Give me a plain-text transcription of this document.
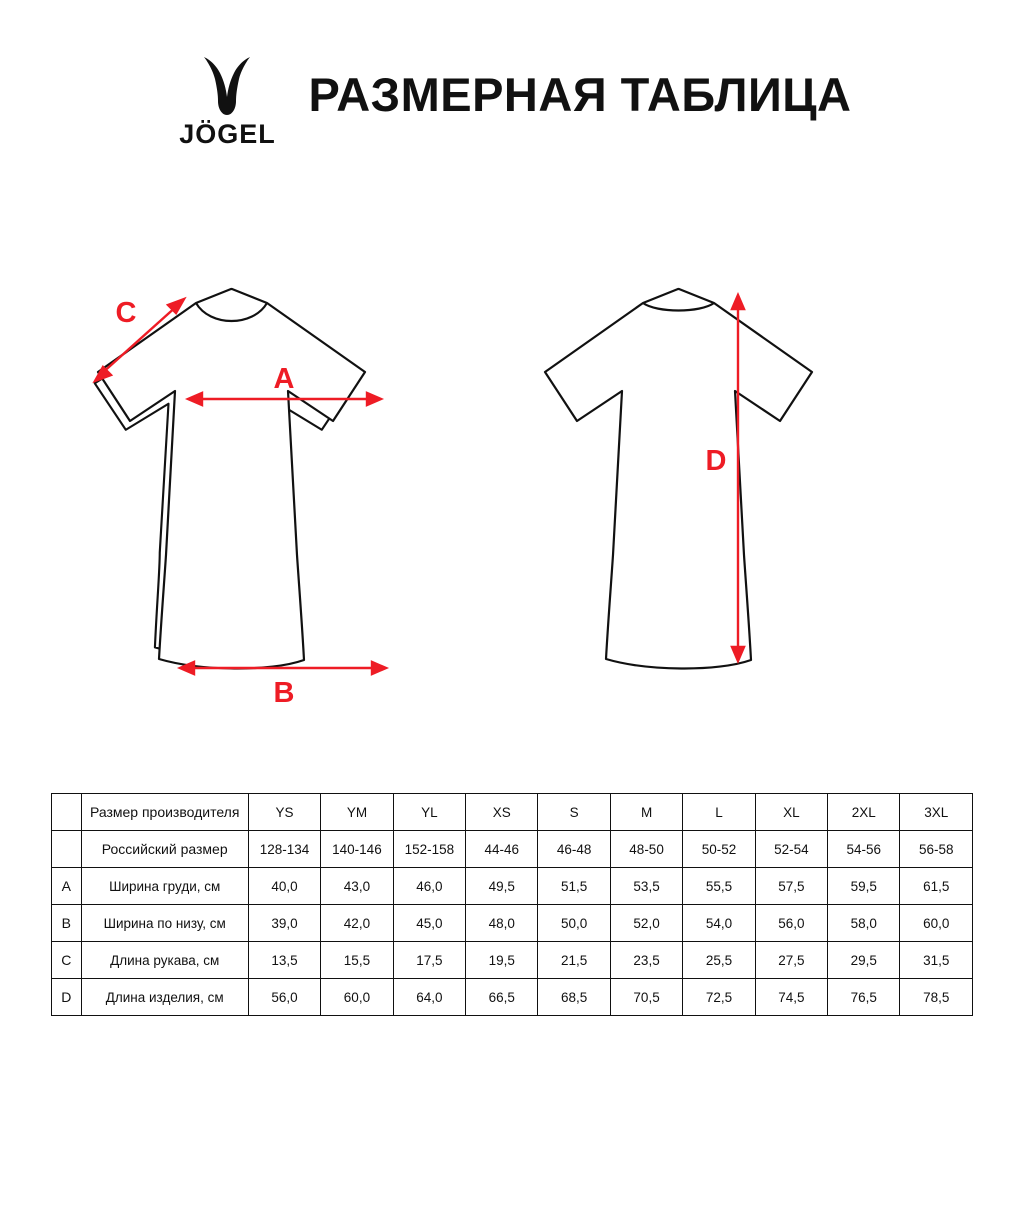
JÖGEL
РАЗМЕРНАЯ ТАБЛИЦА
A
B
C
D
	Размер производителя	YS	YM	YL	XS	S	M	L	XL	2XL	3XL
	Российский размер	128-134	140-146	152-158	44-46	46-48	48-50	50-52	52-54	54-56	56-58
A	Ширина груди, см	40,0	43,0	46,0	49,5	51,5	53,5	55,5	57,5	59,5	61,5
B	Ширина по низу, см	39,0	42,0	45,0	48,0	50,0	52,0	54,0	56,0	58,0	60,0
C	Длина рукава, см	13,5	15,5	17,5	19,5	21,5	23,5	25,5	27,5	29,5	31,5
D	Длина изделия, см	56,0	60,0	64,0	66,5	68,5	70,5	72,5	74,5	76,5	78,5
